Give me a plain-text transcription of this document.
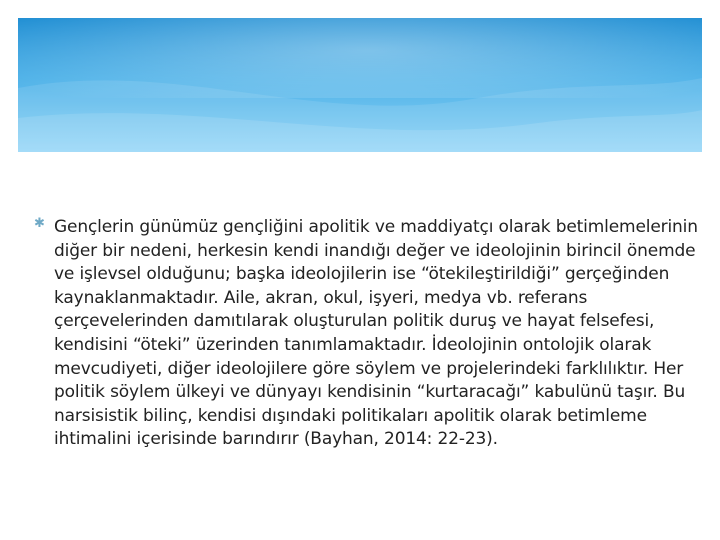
✱ Gençlerin günümüz gençliğini apolitik ve maddiyatçı olarak betimlemelerinin diğer bir nedeni, herkesin kendi inandığı değer ve ideolojinin birincil önemde ve işlevsel olduğunu; başka ideolojilerin ise “ötekileştirildiği” gerçeğinden kaynaklanmaktadır. Aile, akran, okul, işyeri, medya vb. referans çerçevelerinden damıtılarak oluşturulan politik duruş ve hayat felsefesi, kendisini “öteki” üzerinden tanımlamaktadır. İdeolojinin ontolojik olarak mevcudiyeti, diğer ideolojilere göre söylem ve projelerindeki farklılıktır. Her politik söylem ülkeyi ve dünyayı kendisinin “kurtaracağı” kabulünü taşır. Bu narsisistik bilinç, kendisi dışındaki politikaları apolitik olarak betimleme ihtimalini içerisinde barındırır (Bayhan, 2014: 22-23).
